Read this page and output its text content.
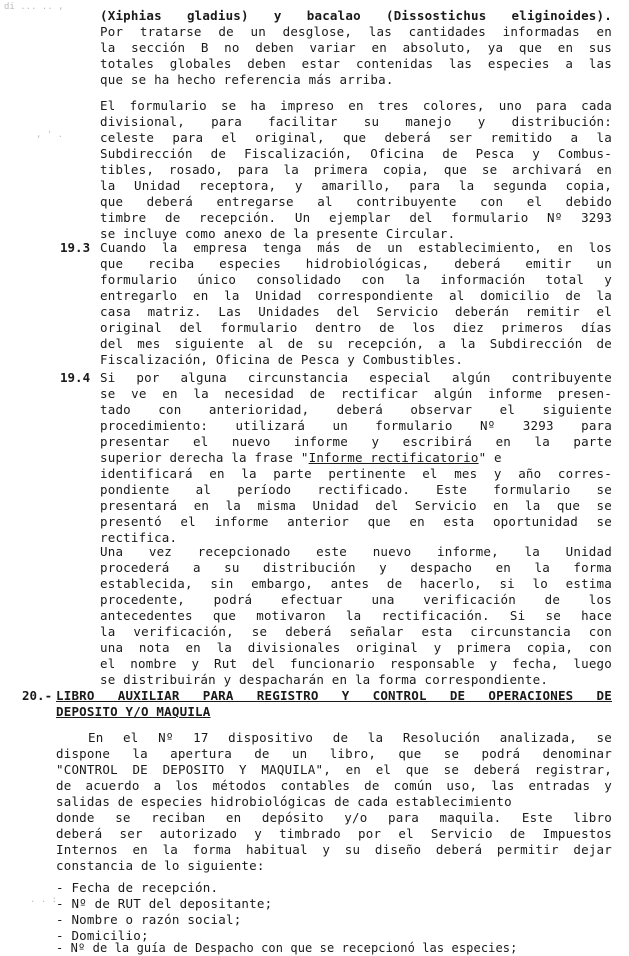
di ... .. ,
, ' .
. . :
(Xiphias gladius) y bacalao (Dissostichus eliginoides).
Por tratarse de un desglose, las cantidades informadas en
la sección B no deben variar en absoluto, ya que en sus
totales globales deben estar contenidas las especies a las
que se ha hecho referencia más arriba.
El formulario se ha impreso en tres colores, uno para cada
divisional, para facilitar su manejo y distribución:
celeste para el original, que deberá ser remitido a la
Subdirección de Fiscalización, Oficina de Pesca y Combus-
tibles, rosado, para la primera copia, que se archivará en
la Unidad receptora, y amarillo, para la segunda copia,
que deberá entregarse al contribuyente con el debido
timbre de recepción. Un ejemplar del formulario Nº 3293
se incluye como anexo de la presente Circular.
19.3 Cuando la empresa tenga más de un establecimiento, en los
que reciba especies hidrobiológicas, deberá emitir un
formulario único consolidado con la información total y
entregarlo en la Unidad correspondiente al domicilio de la
casa matriz. Las Unidades del Servicio deberán remitir el
original del formulario dentro de los diez primeros días
del mes siguiente al de su recepción, a la Subdirección de
Fiscalización, Oficina de Pesca y Combustibles.
19.4 Si por alguna circunstancia especial algún contribuyente
se ve en la necesidad de rectificar algún informe presen-
tado con anterioridad, deberá observar el siguiente
procedimiento: utilizará un formulario Nº 3293 para
presentar el nuevo informe y escribirá en la parte
superior derecha la frase "Informe rectificatorio" e
identificará en la parte pertinente el mes y año corres-
pondiente al período rectificado. Este formulario se
presentará en la misma Unidad del Servicio en la que se
presentó el informe anterior que en esta oportunidad se
rectifica.
Una vez recepcionado este nuevo informe, la Unidad
procederá a su distribución y despacho en la forma
establecida, sin embargo, antes de hacerlo, si lo estima
procedente, podrá efectuar una verificación de los
antecedentes que motivaron la rectificación. Si se hace
la verificación, se deberá señalar esta circunstancia con
una nota en la divisionales original y primera copia, con
el nombre y Rut del funcionario responsable y fecha, luego
se distribuirán y despacharán en la forma correspondiente.
20.- LIBRO AUXILIAR PARA REGISTRO Y CONTROL DE OPERACIONES DE
DEPOSITO Y/O MAQUILA
En el Nº 17 dispositivo de la Resolución analizada, se
dispone la apertura de un libro, que se podrá denominar
"CONTROL DE DEPOSITO Y MAQUILA", en el que se deberá registrar,
de acuerdo a los métodos contables de común uso, las entradas y
salidas de especies hidrobiológicas de cada establecimiento
donde se reciban en depósito y/o para maquila. Este libro
deberá ser autorizado y timbrado por el Servicio de Impuestos
Internos en la forma habitual y su diseño deberá permitir dejar
constancia de lo siguiente:
- Fecha de recepción.
- Nº de RUT del depositante;
- Nombre o razón social;
- Domicilio;
- Nº de la guía de Despacho con que se recepcionó las especies;
